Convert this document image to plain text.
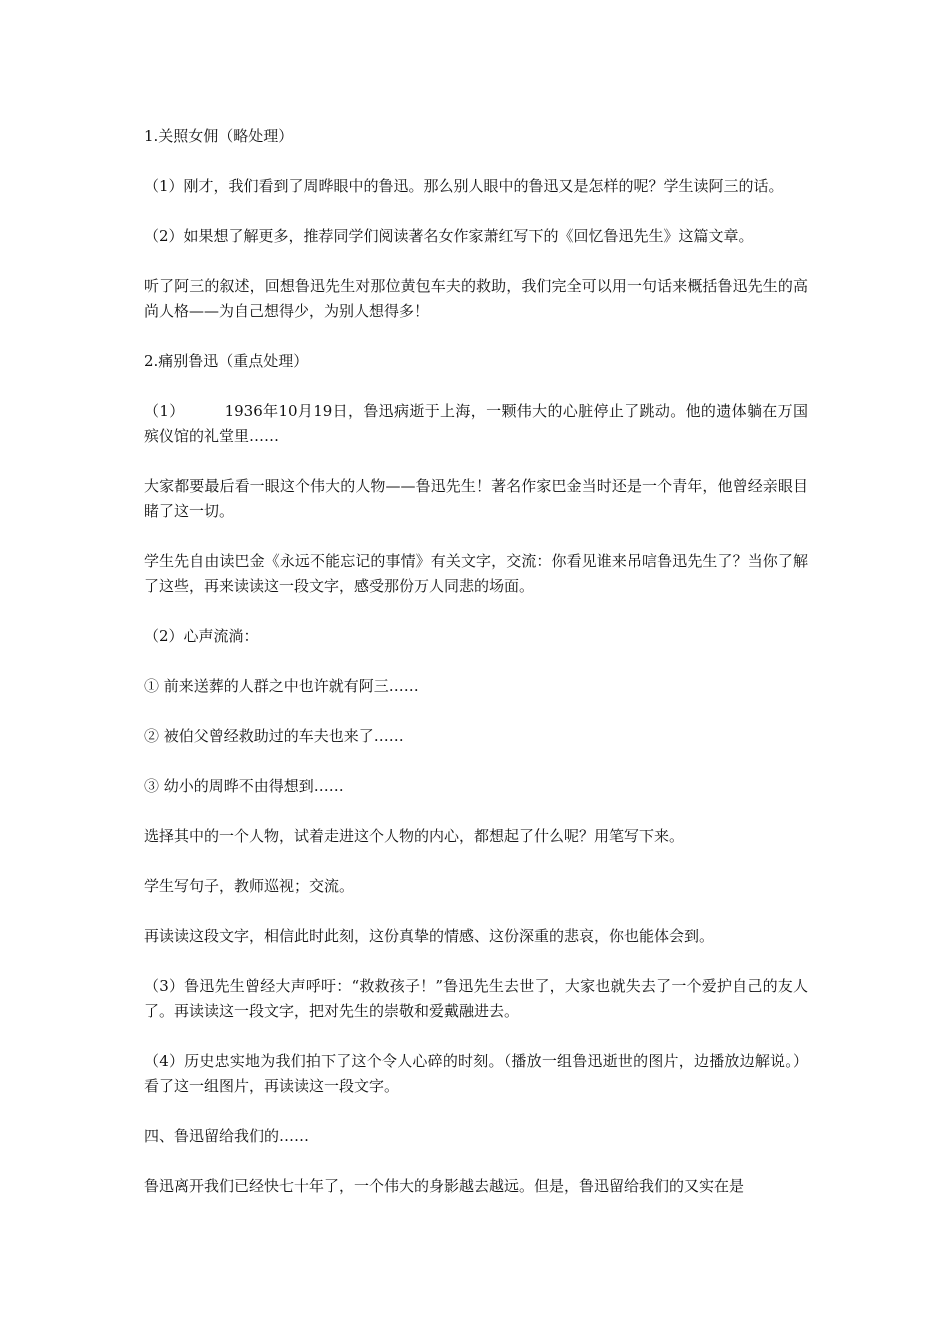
1.关照女佣（略处理）

（1）刚才，我们看到了周晔眼中的鲁迅。那么别人眼中的鲁迅又是怎样的呢？学生读阿三的话。

（2）如果想了解更多，推荐同学们阅读著名女作家萧红写下的《回忆鲁迅先生》这篇文章。

听了阿三的叙述，回想鲁迅先生对那位黄包车夫的救助，我们完全可以用一句话来概括鲁迅先生的高尚人格——为自己想得少，为别人想得多！

2.痛别鲁迅（重点处理）

（1）	1936年10月19日，鲁迅病逝于上海，一颗伟大的心脏停止了跳动。他的遗体躺在万国殡仪馆的礼堂里……

大家都要最后看一眼这个伟大的人物——鲁迅先生！著名作家巴金当时还是一个青年，他曾经亲眼目睹了这一切。

学生先自由读巴金《永远不能忘记的事情》有关文字，交流：你看见谁来吊唁鲁迅先生了？当你了解了这些，再来读读这一段文字，感受那份万人同悲的场面。

（2）心声流淌：

① 前来送葬的人群之中也许就有阿三……

② 被伯父曾经救助过的车夫也来了……

③ 幼小的周晔不由得想到……

选择其中的一个人物，试着走进这个人物的内心，都想起了什么呢？用笔写下来。

学生写句子，教师巡视；交流。

再读读这段文字，相信此时此刻，这份真挚的情感、这份深重的悲哀，你也能体会到。

（3）鲁迅先生曾经大声呼吁：“救救孩子！”鲁迅先生去世了，大家也就失去了一个爱护自己的友人了。再读读这一段文字，把对先生的崇敬和爱戴融进去。

（4）历史忠实地为我们拍下了这个令人心碎的时刻。（播放一组鲁迅逝世的图片，边播放边解说。）看了这一组图片，再读读这一段文字。

四、鲁迅留给我们的……

鲁迅离开我们已经快七十年了，一个伟大的身影越去越远。但是，鲁迅留给我们的又实在是
